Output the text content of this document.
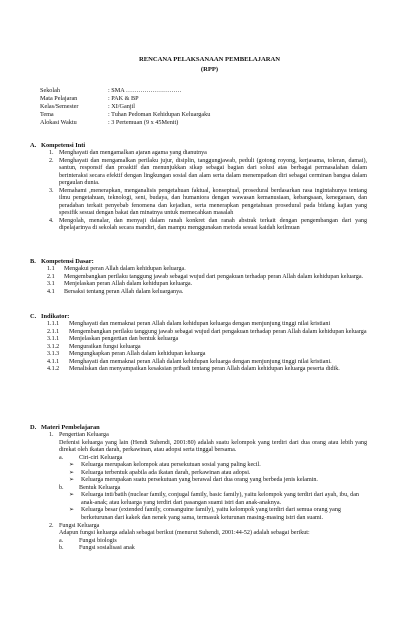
RENCANA PELAKSANAAN PEMBELAJARAN
(RPP)
Sekolah	: SMA ………………………
Mata Pelajaran	: PAK & BP
Kelas/Semester	: XI/Ganjil
Tema	: Tuhan Pedoman Kehidupan Keluargaku
Alokasi Waktu	: 3 Pertemuan (9 x 45Menit)
A. Kompetensi Inti
1. Menghayati dan mengamalkan ajaran agama yang dianutnya
2. Menghayati dan mengamalkan perilaku jujur, disiplin, tanggungjawab, peduli (gotong royong, kerjasama, toleran, damai), santun, responsif dan proaktif dan menunjukkan sikap sebagai bagian dari solusi atas berbagai permasalahan dalam berinteraksi secara efektif dengan lingkungan sosial dan alam serta dalam menempatkan diri sebagai cerminan bangsa dalam pergaulan dunia.
3. Memahami ,menerapkan, menganalisis pengetahuan faktual, konseptual, prosedural berdasarkan rasa ingintahunya tentang ilmu pengetahuan, teknologi, seni, budaya, dan humaniora dengan wawasan kemanusiaan, kebangsaan, kenegaraan, dan peradaban terkait penyebab fenomena dan kejadian, serta menerapkan pengetahuan prosedural pada bidang kajian yang spesifik sesuai dengan bakat dan minatnya untuk memecahkan masalah
4. Mengolah, menalar, dan menyaji dalam ranah konkret dan ranah abstrak terkait dengan pengembangan dari yang dipelajarinya di sekolah secara mandiri, dan mampu menggunakan metoda sesuai kaidah keilmuan
B. Kompetensi Dasar:
1.1 Mengakui peran Allah dalam kehidupan keluarga.
2.1 Mengembangkan perilaku tanggung jawab sebagai wujud dari pengakuan terhadap peran Allah dalam kehidupan keluarga.
3.1 Menjelaskan peran Allah dalam kehidupan keluarga.
4.1 Bersaksi tentang peran Allah dalam keluarganya.
C. Indikator:
1.1.1 Menghayati dan memaknai peran Allah dalam kehidupan keluarga dengan menjunjung tinggi nilai kristiani
2.1.1 Mengembangkan perilaku tanggung jawab sebagai wujud dari pengakuan terhadap peran Allah dalam kehidupan keluarga
3.1.1 Menjelaskan pengertian dan bentuk keluarga
3.1.2 Menguraikan fungsi keluarga
3.1.3 Mengungkapkan peran Allah dalam kehidupan keluarga
4.1.1 Menghayati dan memaknai peran Allah dalam kehidupan keluarga dengan menjunjung tinggi nilai kristiani.
4.1.2 Menaliskan dan menyampaikan kesaksian pribadi tentang peran Allah dalam kehidupan keluarga peserta didik.
D. Materi Pembelajaran
1. Pengertian Keluarga
Defenisi keluarga yang lain (Hendi Suhendi, 2001:80) adalah suatu kelompok yang terdiri dari dua orang atau lebih yang direkat oleh ikatan darah, perkawinan, atau adopsi serta tinggal bersama.
a.	Ciri-ciri Keluarga
➢ Keluarga merupakan kelompok atau persekutuan sosial yang paling kecil.
➢ Keluarga terbentuk apabila ada ikatan darah, perkawinan atau adopsi.
➢ Keluarga merupakan suatu persekutuan yang berawal dari dua orang yang berbeda jenis kelamin.
b.	Bentuk Keluarga
➢ Keluarga inti/batih (nuclear family, conjugal family, basic family), yaitu kelompok yang terdiri dari ayah, ibu, dan anak-anak; atau keluarga yang terdiri dari pasangan suami istri dan anak-anaknya.
➢ Keluarga besar (extended family, consanguine family), yaitu kelompok yang terdiri dari semua orang yang berketurunan dari kakek dan nenek yang sama, termasuk keturunan masing-masing istri dan suami.
2. Fungsi Keluarga
Adapun fungsi keluarga adalah sebagai berikut (menurut Suhendi, 2001:44-52) adalah sebagai berikut:
a.	Fungsi biologis
b.	Fungsi sosialisasi anak
